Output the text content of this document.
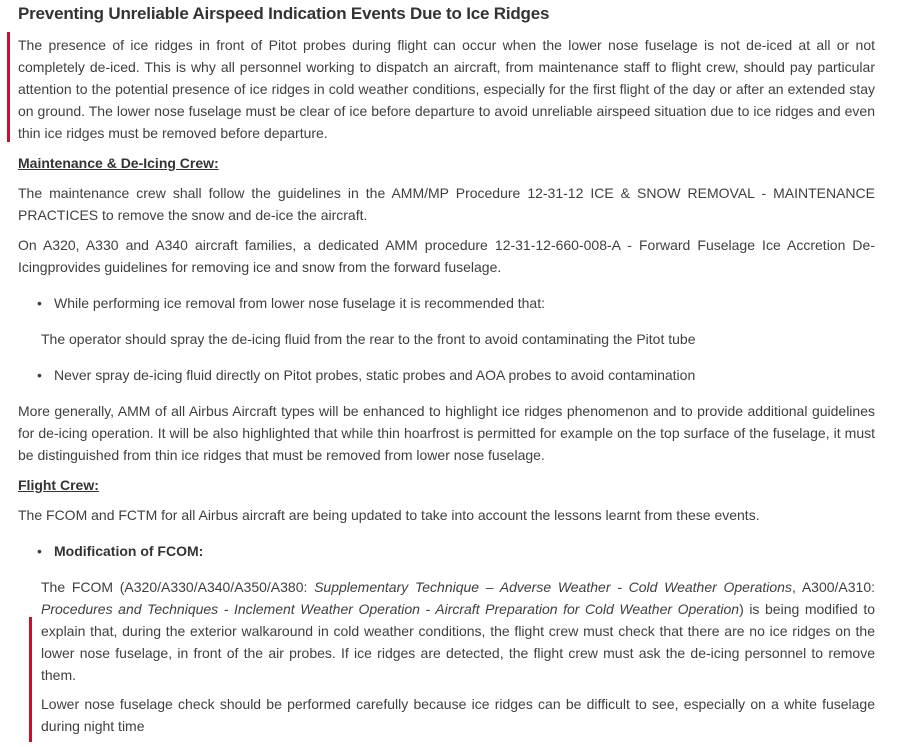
Preventing Unreliable Airspeed Indication Events Due to Ice Ridges

The presence of ice ridges in front of Pitot probes during flight can occur when the lower nose fuselage is not de-iced at all or not completely de-iced. This is why all personnel working to dispatch an aircraft, from maintenance staff to flight crew, should pay particular attention to the potential presence of ice ridges in cold weather conditions, especially for the first flight of the day or after an extended stay on ground. The lower nose fuselage must be clear of ice before departure to avoid unreliable airspeed situation due to ice ridges and even thin ice ridges must be removed before departure.

Maintenance & De-Icing Crew:

The maintenance crew shall follow the guidelines in the AMM/MP Procedure 12-31-12 ICE & SNOW REMOVAL - MAINTENANCE PRACTICES to remove the snow and de-ice the aircraft.

On A320, A330 and A340 aircraft families, a dedicated AMM procedure 12-31-12-660-008-A - Forward Fuselage Ice Accretion De-Icingprovides guidelines for removing ice and snow from the forward fuselage.

• While performing ice removal from lower nose fuselage it is recommended that:

The operator should spray the de-icing fluid from the rear to the front to avoid contaminating the Pitot tube

• Never spray de-icing fluid directly on Pitot probes, static probes and AOA probes to avoid contamination

More generally, AMM of all Airbus Aircraft types will be enhanced to highlight ice ridges phenomenon and to provide additional guidelines for de-icing operation. It will be also highlighted that while thin hoarfrost is permitted for example on the top surface of the fuselage, it must be distinguished from thin ice ridges that must be removed from lower nose fuselage.

Flight Crew:

The FCOM and FCTM for all Airbus aircraft are being updated to take into account the lessons learnt from these events.

• Modification of FCOM:

The FCOM (A320/A330/A340/A350/A380: Supplementary Technique – Adverse Weather - Cold Weather Operations, A300/A310: Procedures and Techniques - Inclement Weather Operation - Aircraft Preparation for Cold Weather Operation) is being modified to explain that, during the exterior walkaround in cold weather conditions, the flight crew must check that there are no ice ridges on the lower nose fuselage, in front of the air probes. If ice ridges are detected, the flight crew must ask the de-icing personnel to remove them.

Lower nose fuselage check should be performed carefully because ice ridges can be difficult to see, especially on a white fuselage during night time
